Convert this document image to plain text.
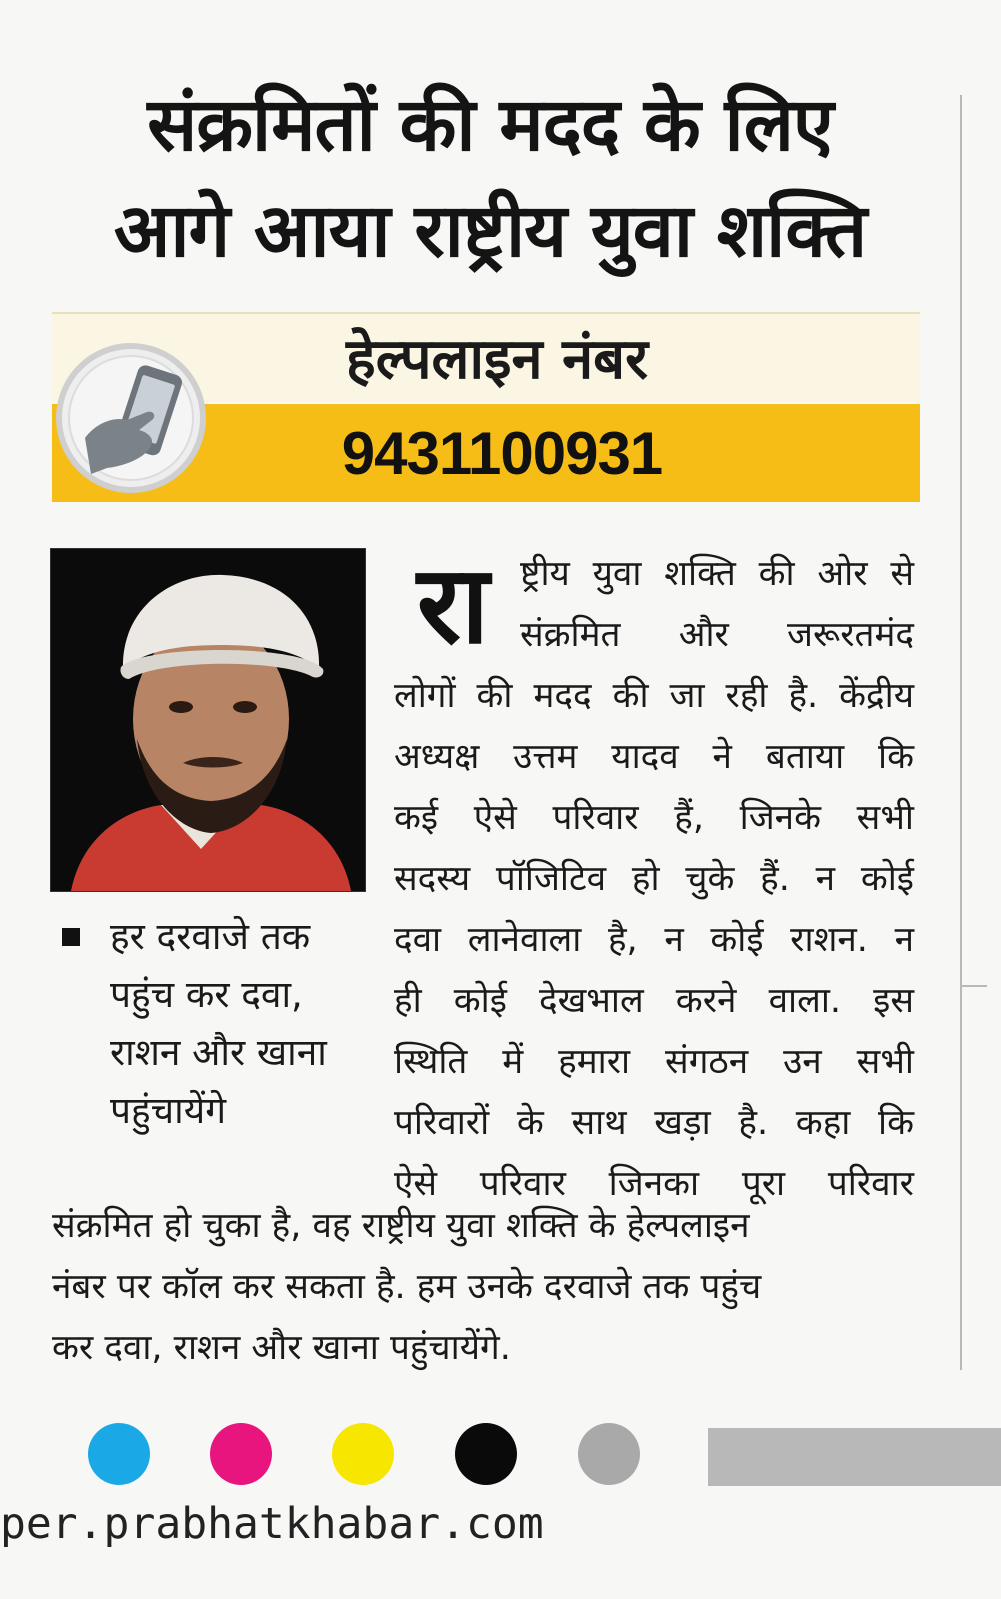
संक्रमितों की मदद के लिए
आगे आया राष्ट्रीय युवा शक्ति
हेल्पलाइन नंबर
9431100931
हर दरवाजे तक
पहुंच कर दवा,
राशन और खाना
पहुंचायेंगे
रा ष्ट्रीय युवा शक्ति की ओर से
संक्रमित और जरूरतमंद
लोगों की मदद की जा रही है. केंद्रीय
अध्यक्ष उत्तम यादव ने बताया कि
कई ऐसे परिवार हैं, जिनके सभी
सदस्य पॉजिटिव हो चुके हैं. न कोई
दवा लानेवाला है, न कोई राशन. न
ही कोई देखभाल करने वाला. इस
स्थिति में हमारा संगठन उन सभी
परिवारों के साथ खड़ा है. कहा कि
ऐसे परिवार जिनका पूरा परिवार
संक्रमित हो चुका है, वह राष्ट्रीय युवा शक्ति के हेल्पलाइन
नंबर पर कॉल कर सकता है. हम उनके दरवाजे तक पहुंच
कर दवा, राशन और खाना पहुंचायेंगे.
per.prabhatkhabar.com
